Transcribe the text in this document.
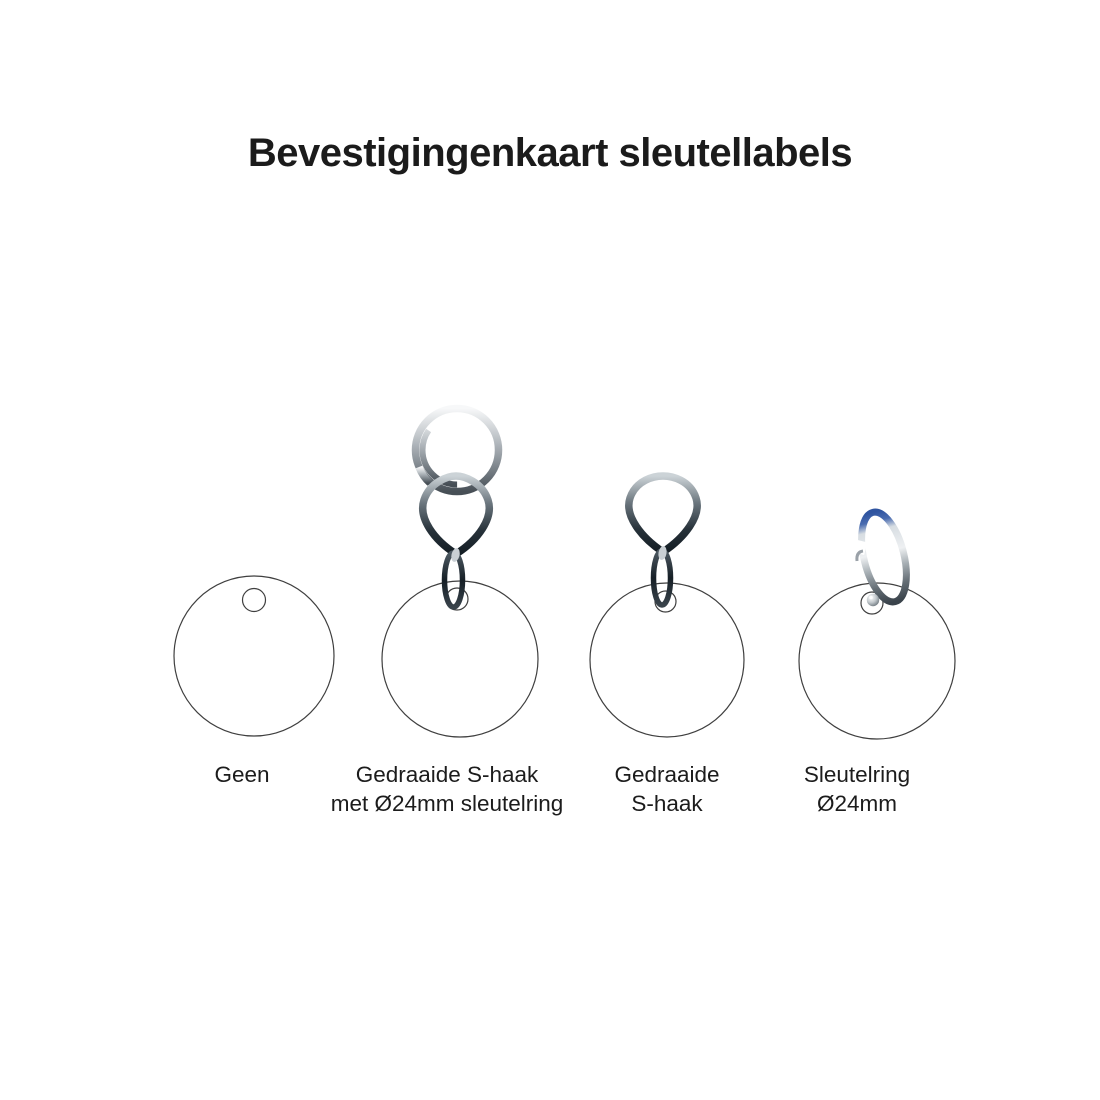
Bevestigingenkaart sleutellabels
Geen	Gedraaide S-haak
met Ø24mm sleutelring
Gedraaide
S-haak
Sleutelring
Ø24mm
